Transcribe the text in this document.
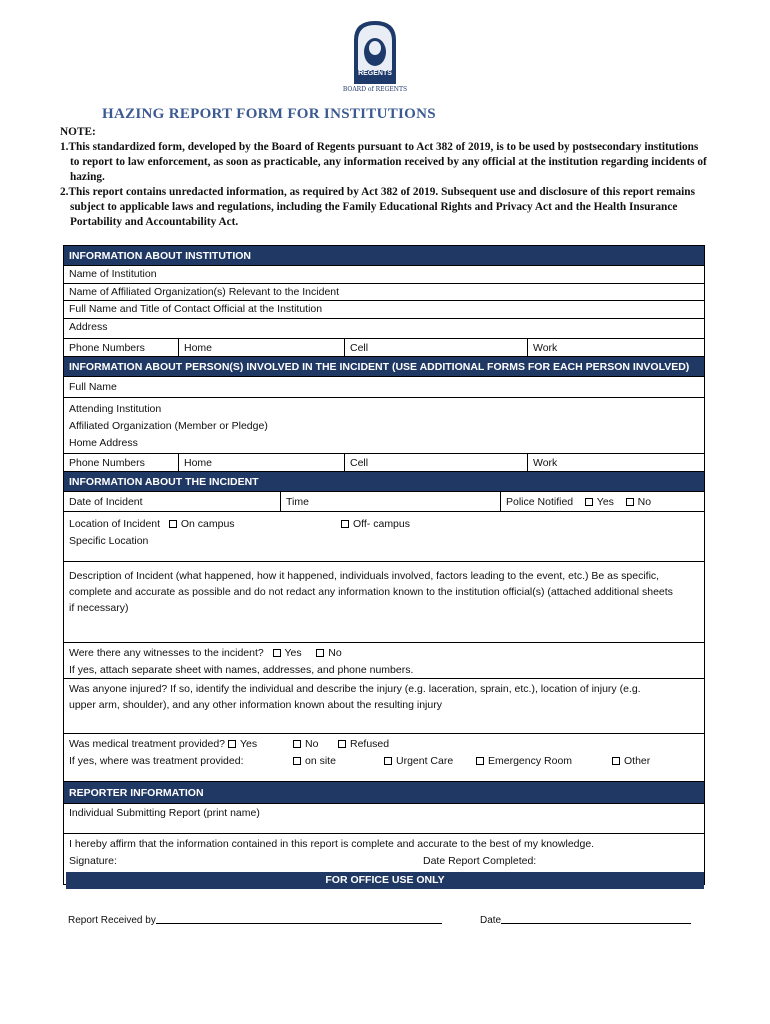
REGENTS
BOARD of REGENTS
HAZING REPORT FORM FOR INSTITUTIONS
NOTE:
1.This standardized form, developed by the Board of Regents pursuant to Act 382 of 2019, is to be used by postsecondary institutions to report to law enforcement, as soon as practicable, any information received by any official at the institution regarding incidents of hazing.
2.This report contains unredacted information, as required by Act 382 of 2019. Subsequent use and disclosure of this report remains subject to applicable laws and regulations, including the Family Educational Rights and Privacy Act and the Health Insurance Portability and Accountability Act.
INFORMATION ABOUT INSTITUTION
Name of Institution
Name of Affiliated Organization(s) Relevant to the Incident
Full Name and Title of Contact Official at the Institution
Address
Phone Numbers	Home	Cell	Work
INFORMATION ABOUT PERSON(S) INVOLVED IN THE INCIDENT (USE ADDITIONAL FORMS FOR EACH PERSON INVOLVED)
Full Name
Attending Institution
Affiliated Organization (Member or Pledge)
Home Address
Phone Numbers	Home	Cell	Work
INFORMATION ABOUT THE INCIDENT
Date of Incident	Time	Police Notified Yes No
Location of Incident On campus	Off- campus
Specific Location
Description of Incident (what happened, how it happened, individuals involved, factors leading to the event, etc.) Be as specific, complete and accurate as possible and do not redact any information known to the institution official(s) (attached additional sheets if necessary)
Were there any witnesses to the incident? Yes	No
If yes, attach separate sheet with names, addresses, and phone numbers.
Was anyone injured? If so, identify the individual and describe the injury (e.g. laceration, sprain, etc.), location of injury (e.g. upper arm, shoulder), and any other information known about the resulting injury
Was medical treatment provided? Yes	No	Refused
If yes, where was treatment provided:	on site	Urgent Care	Emergency Room	Other
REPORTER INFORMATION
Individual Submitting Report (print name)
I hereby affirm that the information contained in this report is complete and accurate to the best of my knowledge.
Signature:	Date Report Completed:
FOR OFFICE USE ONLY
Report Received by	Date
